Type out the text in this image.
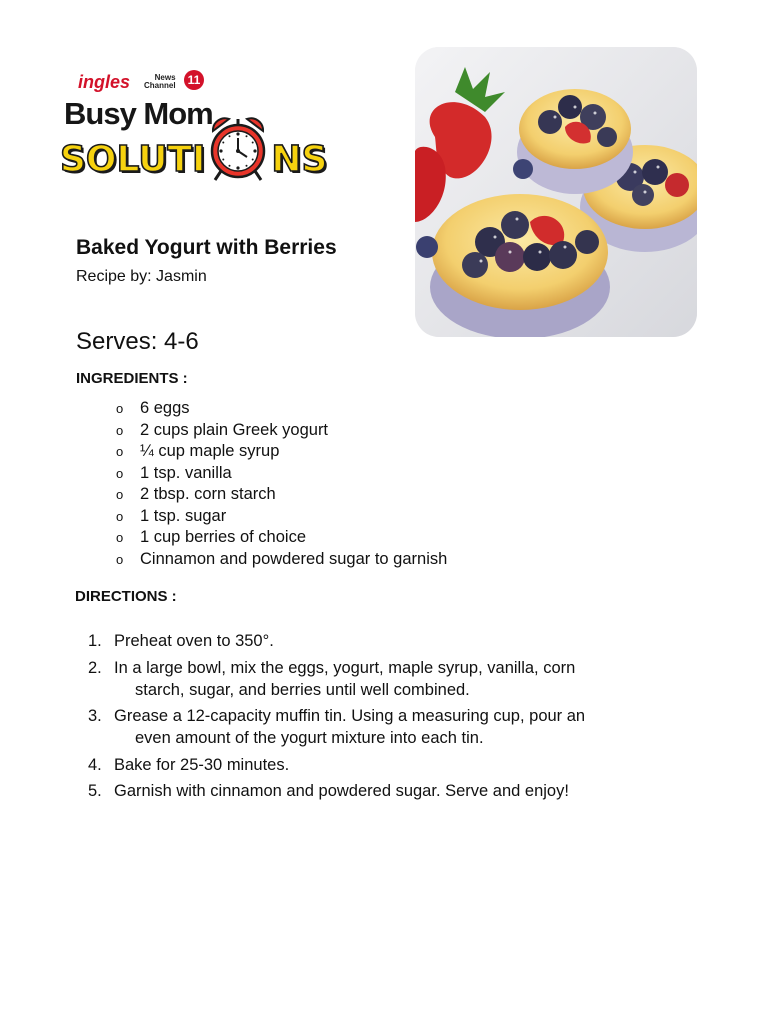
ingles	News
Channel	11
Busy Mom
SOLUTI NS
Baked Yogurt with Berries
Recipe by: Jasmin
Serves: 4-6
INGREDIENTS :
o 6 eggs
o 2 cups plain Greek yogurt
o ¼ cup maple syrup
o 1 tsp. vanilla
o 2 tbsp. corn starch
o 1 tsp. sugar
o 1 cup berries of choice
o Cinnamon and powdered sugar to garnish
DIRECTIONS :
1. Preheat oven to 350°.
2. In a large bowl, mix the eggs, yogurt, maple syrup, vanilla, corn
starch, sugar, and berries until well combined.
3. Grease a 12-capacity muffin tin. Using a measuring cup, pour an
even amount of the yogurt mixture into each tin.
4. Bake for 25-30 minutes.
5. Garnish with cinnamon and powdered sugar. Serve and enjoy!
